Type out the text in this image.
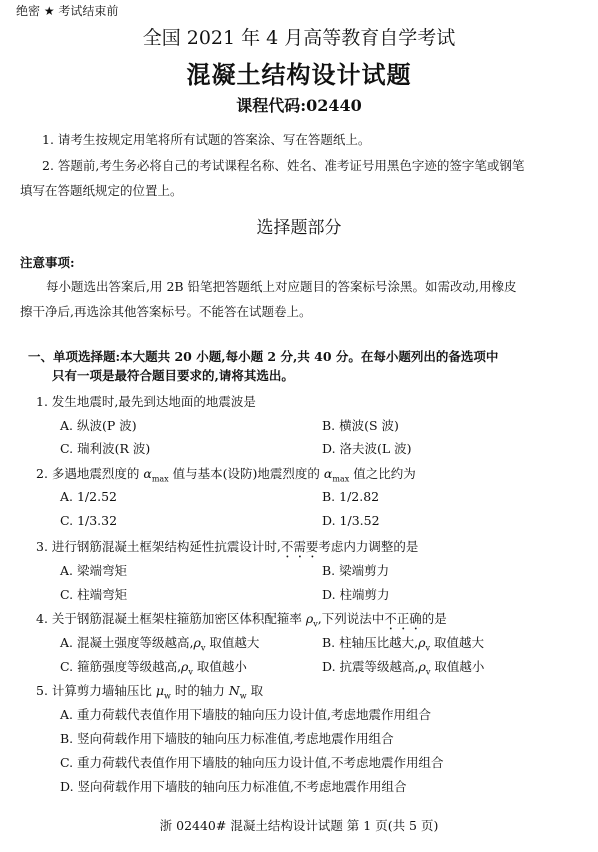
绝密 ★ 考试结束前
全国 2021 年 4 月高等教育自学考试
混凝土结构设计试题
课程代码:02440
1. 请考生按规定用笔将所有试题的答案涂、写在答题纸上。
2. 答题前,考生务必将自己的考试课程名称、姓名、准考证号用黑色字迹的签字笔或钢笔
填写在答题纸规定的位置上。
选择题部分
注意事项:
每小题选出答案后,用 2B 铅笔把答题纸上对应题目的答案标号涂黑。如需改动,用橡皮
擦干净后,再选涂其他答案标号。不能答在试题卷上。
一、单项选择题:本大题共 20 小题,每小题 2 分,共 40 分。在每小题列出的备选项中
只有一项是最符合题目要求的,请将其选出。
1. 发生地震时,最先到达地面的地震波是
A. 纵波(P 波)	B. 横波(S 波)
C. 瑞利波(R 波)	D. 洛夫波(L 波)
2. 多遇地震烈度的 $\alpha_{max}$ 值与基本(设防)地震烈度的 $\alpha_{max}$ 值之比约为
A. 1/2.52	B. 1/2.82
C. 1/3.32	D. 1/3.52
3. 进行钢筋混凝土框架结构延性抗震设计时,不需要考虑内力调整的是
A. 梁端弯矩	B. 梁端剪力
C. 柱端弯矩	D. 柱端剪力
4. 关于钢筋混凝土框架柱箍筋加密区体积配箍率 $\rho_v$,下列说法中不正确的是
A. 混凝土强度等级越高$,\rho_v$ 取值越大	B. 柱轴压比越大$,\rho_v$ 取值越大
C. 箍筋强度等级越高$,\rho_v$ 取值越小	D. 抗震等级越高$,\rho_v$ 取值越小
5. 计算剪力墙轴压比 $\mu_w$ 时的轴力 $N_w$ 取
A. 重力荷载代表值作用下墙肢的轴向压力设计值,考虑地震作用组合
B. 竖向荷载作用下墙肢的轴向压力标准值,考虑地震作用组合
C. 重力荷载代表值作用下墙肢的轴向压力设计值,不考虑地震作用组合
D. 竖向荷载作用下墙肢的轴向压力标准值,不考虑地震作用组合
浙 02440# 混凝土结构设计试题 第 1 页(共 5 页)
